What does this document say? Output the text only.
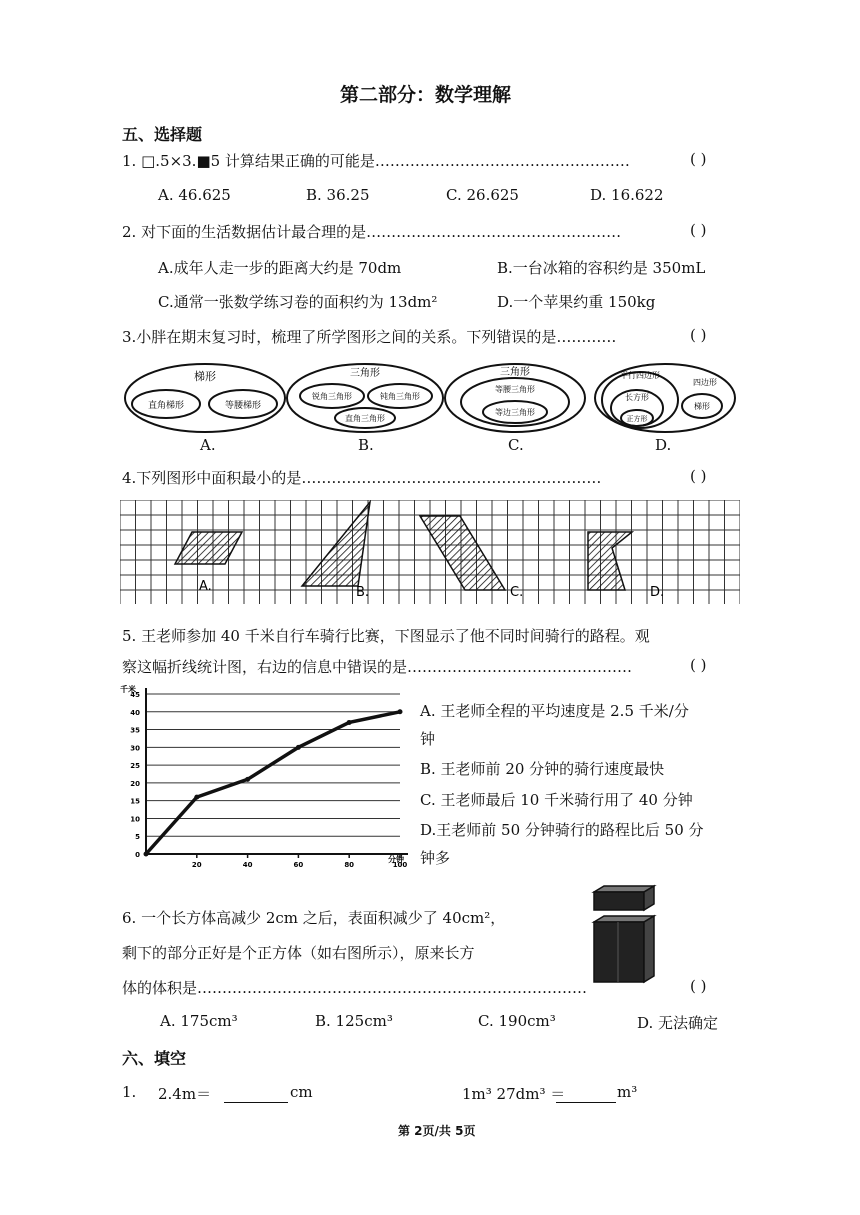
第二部分：数学理解
五、选择题
1. □.5×3.■5 计算结果正确的可能是……………………………………………	( )
A. 46.625	B. 36.25	C. 26.625	D. 16.622
2. 对下面的生活数据估计最合理的是……………………………………………	( )
A.成年人走一步的距离大约是 70dm	B.一台冰箱的容积约是 350mL
C.通常一张数学练习卷的面积约为 13dm²	D.一个苹果约重 150kg
3.小胖在期末复习时，梳理了所学图形之间的关系。下列错误的是…………	( )
梯形
直角梯形	等腰梯形
三角形
锐角三角形	钝角三角形
直角三角形
三角形
等腰三角形
等边三角形
平行四边形
四边形
长方形
正方形
梯形
A.	B.	C.	D.
4.下列图形中面积最小的是……………………………………………………	( )
A.	B.	C.	D.
5. 王老师参加 40 千米自行车骑行比赛，下图显示了他不同时间骑行的路程。观
察这幅折线统计图，右边的信息中错误的是………………………………………	( )
0
5
10
15
20
25
30
35
40
45
20	40	60	80	100
千米
分钟
A. 王老师全程的平均速度是 2.5 千米/分
钟
B. 王老师前 20 分钟的骑行速度最快
C. 王老师最后 10 千米骑行用了 40 分钟
D.王老师前 50 分钟骑行的路程比后 50 分
钟多
6. 一个长方体高减少 2cm 之后，表面积减少了 40cm²，
剩下的部分正好是个正方体（如右图所示），原来长方
体的体积是……………………………………………………………………	( )
A. 175cm³	B. 125cm³	C. 190cm³	D. 无法确定
六、填空
1. 2.4m＝	cm	1m³ 27dm³ ＝	m³
第 2页/共 5页
